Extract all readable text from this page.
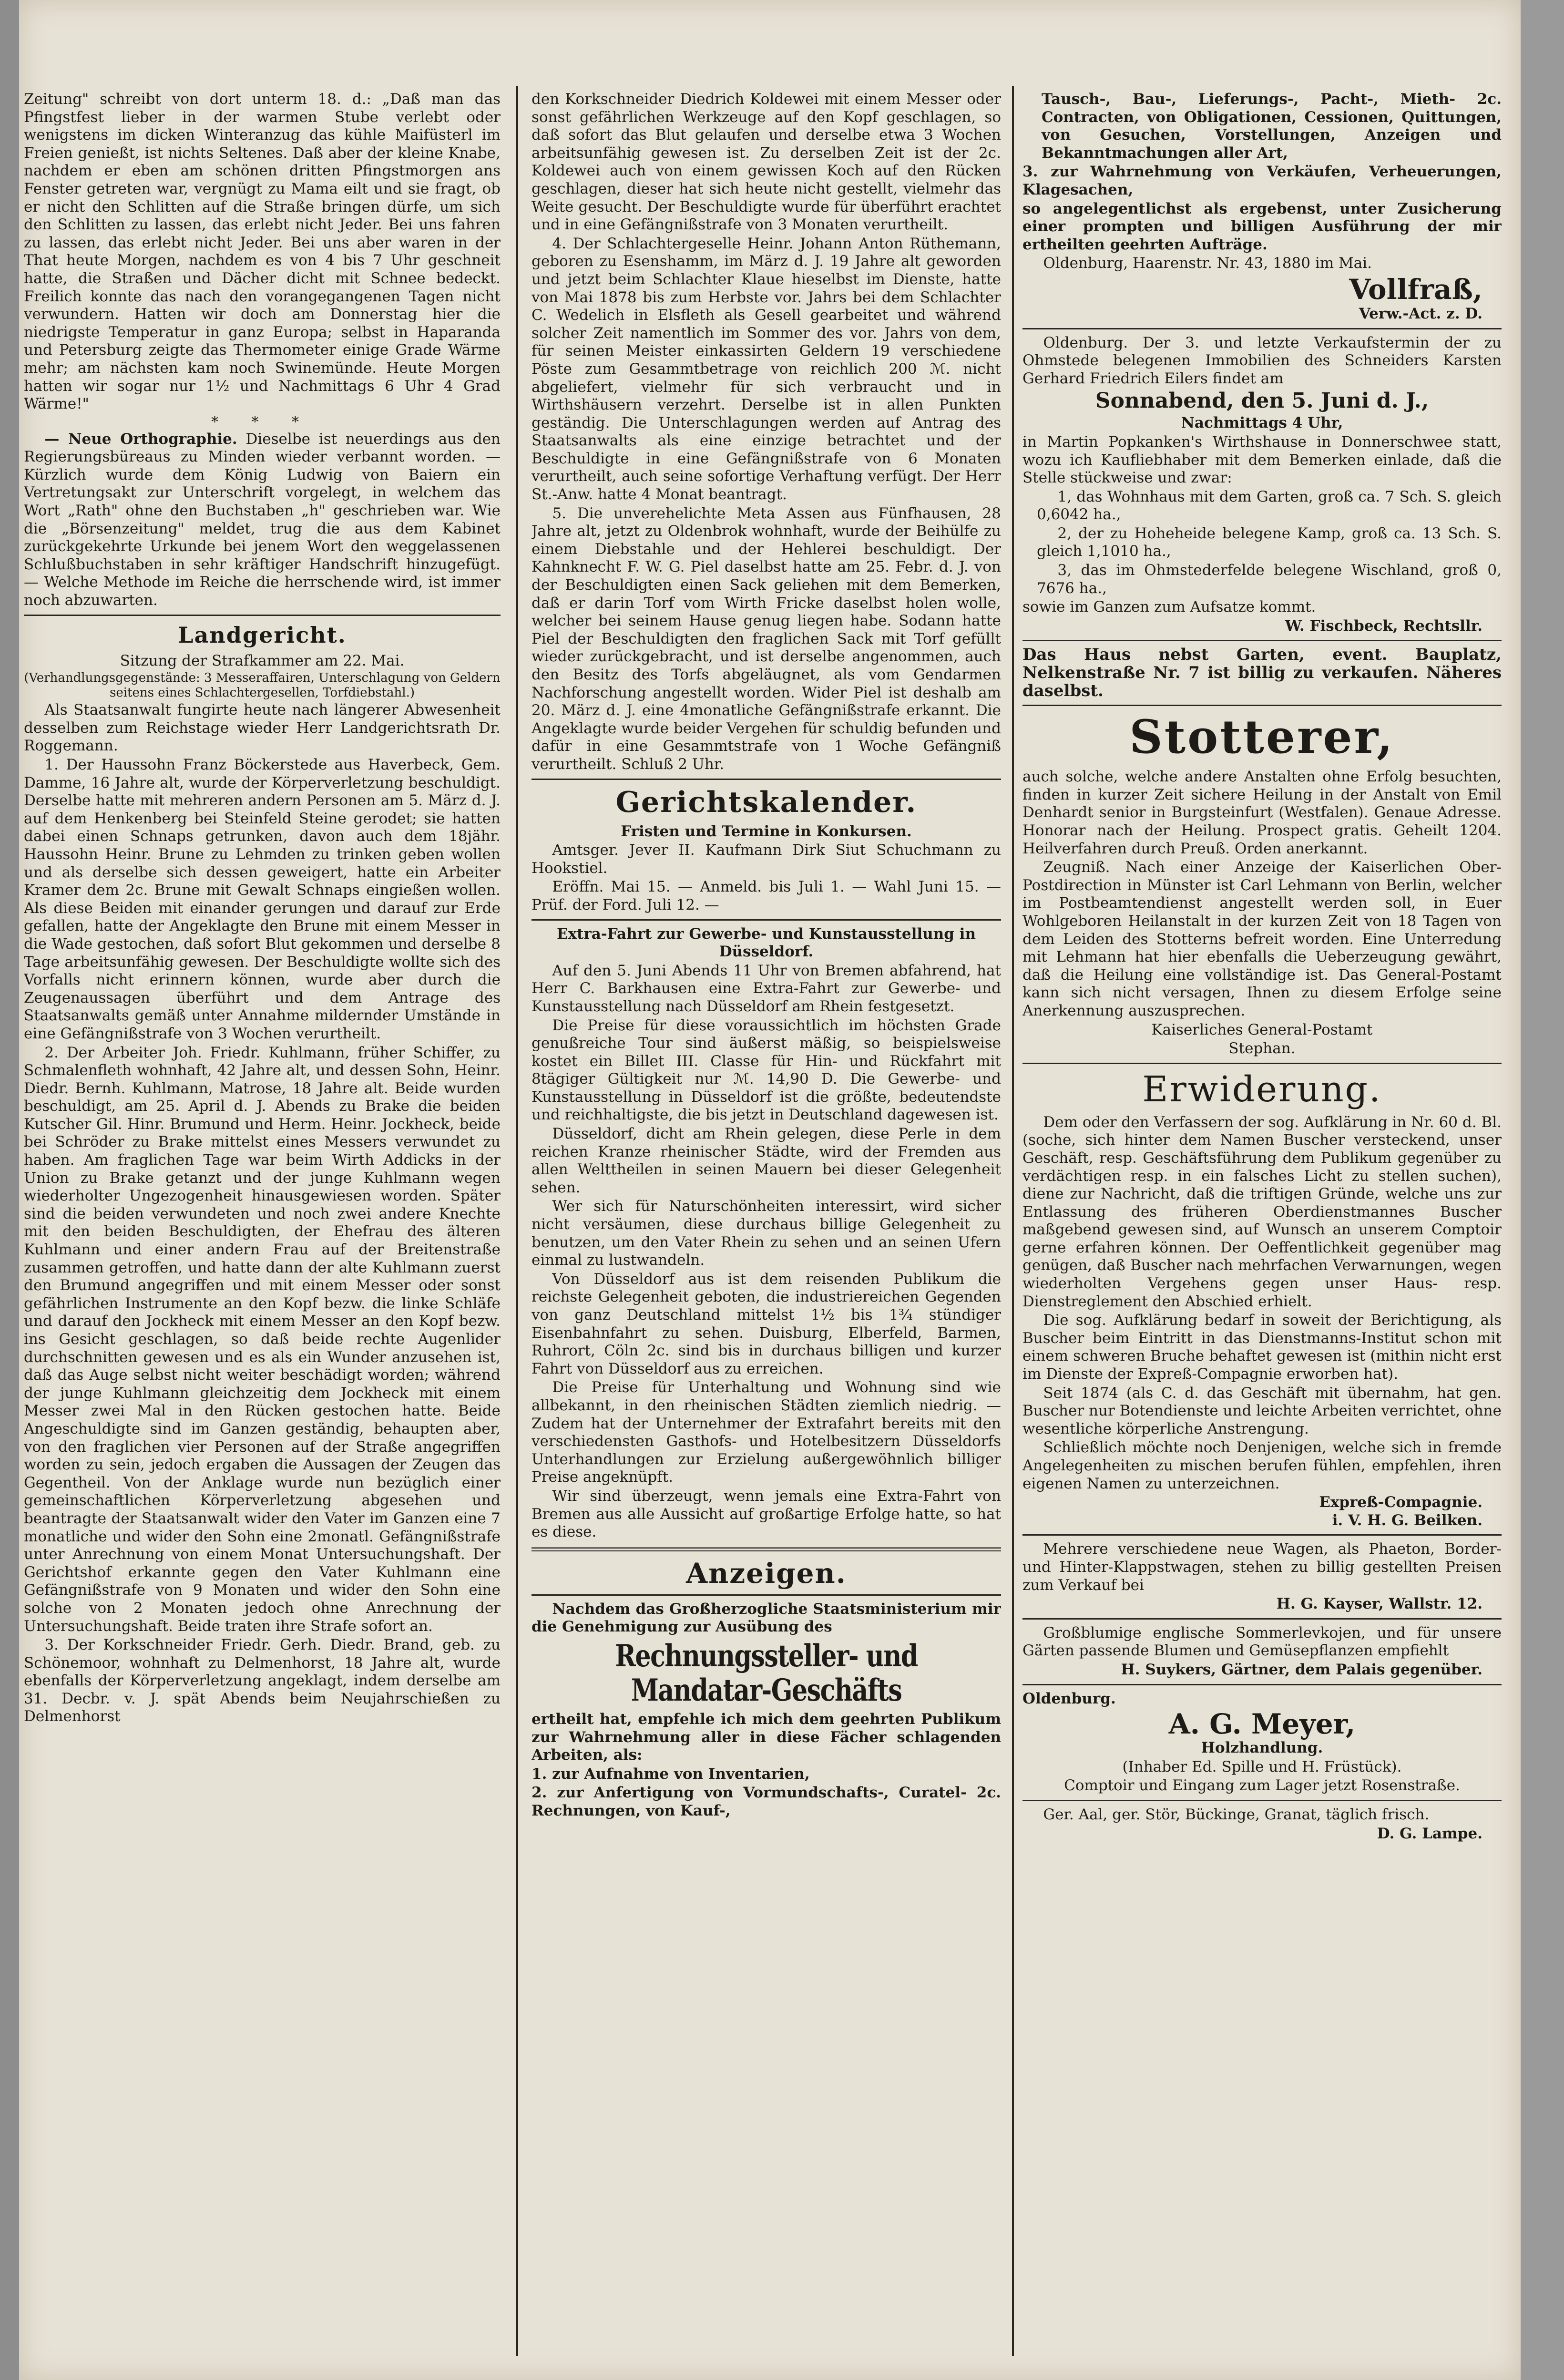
Zeitung" schreibt von dort unterm 18. d.: „Daß man das Pfingstfest lieber in der warmen Stube verlebt oder wenigstens im dicken Winteranzug das kühle Maifüsterl im Freien genießt, ist nichts Seltenes. Daß aber der kleine Knabe, nachdem er eben am schönen dritten Pfingstmorgen ans Fenster getreten war, vergnügt zu Mama eilt und sie fragt, ob er nicht den Schlitten auf die Straße bringen dürfe, um sich den Schlitten zu lassen, das erlebt nicht Jeder. Bei uns fahren zu lassen, das erlebt nicht Jeder. Bei uns aber waren in der That heute Morgen, nachdem es von 4 bis 7 Uhr geschneit hatte, die Straßen und Dächer dicht mit Schnee bedeckt. Freilich konnte das nach den vorangegangenen Tagen nicht verwundern. Hatten wir doch am Donnerstag hier die niedrigste Temperatur in ganz Europa; selbst in Haparanda und Petersburg zeigte das Thermometer einige Grade Wärme mehr; am nächsten kam noch Swinemünde. Heute Morgen hatten wir sogar nur 1½ und Nachmittags 6 Uhr 4 Grad Wärme!"

* * *

— Neue Orthographie. Dieselbe ist neuerdings aus den Regierungsbüreaus zu Minden wieder verbannt worden. — Kürzlich wurde dem König Ludwig von Baiern ein Vertretungsakt zur Unterschrift vorgelegt, in welchem das Wort „Rath" ohne den Buchstaben „h" geschrieben war. Wie die „Börsenzeitung" meldet, trug die aus dem Kabinet zurückgekehrte Urkunde bei jenem Wort den weggelassenen Schlußbuchstaben in sehr kräftiger Handschrift hinzugefügt. — Welche Methode im Reiche die herrschende wird, ist immer noch abzuwarten.

Landgericht.

Sitzung der Strafkammer am 22. Mai.

(Verhandlungsgegenstände: 3 Messeraffairen, Unterschlagung von Geldern seitens eines Schlachtergesellen, Torfdiebstahl.)

Als Staatsanwalt fungirte heute nach längerer Abwesenheit desselben zum Reichstage wieder Herr Landgerichtsrath Dr. Roggemann.

1. Der Haussohn Franz Böckerstede aus Haverbeck, Gem. Damme, 16 Jahre alt, wurde der Körperverletzung beschuldigt. Derselbe hatte mit mehreren andern Personen am 5. März d. J. auf dem Henkenberg bei Steinfeld Steine gerodet; sie hatten dabei einen Schnaps getrunken, davon auch dem 18jähr. Haussohn Heinr. Brune zu Lehmden zu trinken geben wollen und als derselbe sich dessen geweigert, hatte ein Arbeiter Kramer dem 2c. Brune mit Gewalt Schnaps eingießen wollen. Als diese Beiden mit einander gerungen und darauf zur Erde gefallen, hatte der Angeklagte den Brune mit einem Messer in die Wade gestochen, daß sofort Blut gekommen und derselbe 8 Tage arbeitsunfähig gewesen. Der Beschuldigte wollte sich des Vorfalls nicht erinnern können, wurde aber durch die Zeugenaussagen überführt und dem Antrage des Staatsanwalts gemäß unter Annahme mildernder Umstände in eine Gefängnißstrafe von 3 Wochen verurtheilt.

2. Der Arbeiter Joh. Friedr. Kuhlmann, früher Schiffer, zu Schmalenfleth wohnhaft, 42 Jahre alt, und dessen Sohn, Heinr. Diedr. Bernh. Kuhlmann, Matrose, 18 Jahre alt. Beide wurden beschuldigt, am 25. April d. J. Abends zu Brake die beiden Kutscher Gil. Hinr. Brumund und Herm. Heinr. Jockheck, beide bei Schröder zu Brake mittelst eines Messers verwundet zu haben. Am fraglichen Tage war beim Wirth Addicks in der Union zu Brake getanzt und der junge Kuhlmann wegen wiederholter Ungezogenheit hinausgewiesen worden. Später sind die beiden verwundeten und noch zwei andere Knechte mit den beiden Beschuldigten, der Ehefrau des älteren Kuhlmann und einer andern Frau auf der Breitenstraße zusammen getroffen, und hatte dann der alte Kuhlmann zuerst den Brumund angegriffen und mit einem Messer oder sonst gefährlichen Instrumente an den Kopf bezw. die linke Schläfe und darauf den Jockheck mit einem Messer an den Kopf bezw. ins Gesicht geschlagen, so daß beide rechte Augenlider durchschnitten gewesen und es als ein Wunder anzusehen ist, daß das Auge selbst nicht weiter beschädigt worden; während der junge Kuhlmann gleichzeitig dem Jockheck mit einem Messer zwei Mal in den Rücken gestochen hatte. Beide Angeschuldigte sind im Ganzen geständig, behaupten aber, von den fraglichen vier Personen auf der Straße angegriffen worden zu sein, jedoch ergaben die Aussagen der Zeugen das Gegentheil. Von der Anklage wurde nun bezüglich einer gemeinschaftlichen Körperverletzung abgesehen und beantragte der Staatsanwalt wider den Vater im Ganzen eine 7 monatliche und wider den Sohn eine 2monatl. Gefängnißstrafe unter Anrechnung von einem Monat Untersuchungshaft. Der Gerichtshof erkannte gegen den Vater Kuhlmann eine Gefängnißstrafe von 9 Monaten und wider den Sohn eine solche von 2 Monaten jedoch ohne Anrechnung der Untersuchungshaft. Beide traten ihre Strafe sofort an.

3. Der Korkschneider Friedr. Gerh. Diedr. Brand, geb. zu Schönemoor, wohnhaft zu Delmenhorst, 18 Jahre alt, wurde ebenfalls der Körperverletzung angeklagt, indem derselbe am 31. Decbr. v. J. spät Abends beim Neujahrschießen zu Delmenhorst

den Korkschneider Diedrich Koldewei mit einem Messer oder sonst gefährlichen Werkzeuge auf den Kopf geschlagen, so daß sofort das Blut gelaufen und derselbe etwa 3 Wochen arbeitsunfähig gewesen ist. Zu derselben Zeit ist der 2c. Koldewei auch von einem gewissen Koch auf den Rücken geschlagen, dieser hat sich heute nicht gestellt, vielmehr das Weite gesucht. Der Beschuldigte wurde für überführt erachtet und in eine Gefängnißstrafe von 3 Monaten verurtheilt.

4. Der Schlachtergeselle Heinr. Johann Anton Rüthemann, geboren zu Esenshamm, im März d. J. 19 Jahre alt geworden und jetzt beim Schlachter Klaue hieselbst im Dienste, hatte von Mai 1878 bis zum Herbste vor. Jahrs bei dem Schlachter C. Wedelich in Elsfleth als Gesell gearbeitet und während solcher Zeit namentlich im Sommer des vor. Jahrs von dem, für seinen Meister einkassirten Geldern 19 verschiedene Pöste zum Gesammtbetrage von reichlich 200 ℳ. nicht abgeliefert, vielmehr für sich verbraucht und in Wirthshäusern verzehrt. Derselbe ist in allen Punkten geständig. Die Unterschlagungen werden auf Antrag des Staatsanwalts als eine einzige betrachtet und der Beschuldigte in eine Gefängnißstrafe von 6 Monaten verurtheilt, auch seine sofortige Verhaftung verfügt. Der Herr St.-Anw. hatte 4 Monat beantragt.

5. Die unverehelichte Meta Assen aus Fünfhausen, 28 Jahre alt, jetzt zu Oldenbrok wohnhaft, wurde der Beihülfe zu einem Diebstahle und der Hehlerei beschuldigt. Der Kahnknecht F. W. G. Piel daselbst hatte am 25. Febr. d. J. von der Beschuldigten einen Sack geliehen mit dem Bemerken, daß er darin Torf vom Wirth Fricke daselbst holen wolle, welcher bei seinem Hause genug liegen habe. Sodann hatte Piel der Beschuldigten den fraglichen Sack mit Torf gefüllt wieder zurückgebracht, und ist derselbe angenommen, auch den Besitz des Torfs abgeläugnet, als vom Gendarmen Nachforschung angestellt worden. Wider Piel ist deshalb am 20. März d. J. eine 4monatliche Gefängnißstrafe erkannt. Die Angeklagte wurde beider Vergehen für schuldig befunden und dafür in eine Gesammtstrafe von 1 Woche Gefängniß verurtheilt. Schluß 2 Uhr.

Gerichtskalender.

Fristen und Termine in Konkursen.

Amtsger. Jever II. Kaufmann Dirk Siut Schuchmann zu Hookstiel.

Eröffn. Mai 15. — Anmeld. bis Juli 1. — Wahl Juni 15. — Prüf. der Ford. Juli 12. —

Extra-Fahrt zur Gewerbe- und Kunstausstellung in Düsseldorf.

Auf den 5. Juni Abends 11 Uhr von Bremen abfahrend, hat Herr C. Barkhausen eine Extra-Fahrt zur Gewerbe- und Kunstausstellung nach Düsseldorf am Rhein festgesetzt.

Die Preise für diese voraussichtlich im höchsten Grade genußreiche Tour sind äußerst mäßig, so beispielsweise kostet ein Billet III. Classe für Hin- und Rückfahrt mit 8tägiger Gültigkeit nur ℳ. 14,90 D. Die Gewerbe- und Kunstausstellung in Düsseldorf ist die größte, bedeutendste und reichhaltigste, die bis jetzt in Deutschland dagewesen ist.

Düsseldorf, dicht am Rhein gelegen, diese Perle in dem reichen Kranze rheinischer Städte, wird der Fremden aus allen Welttheilen in seinen Mauern bei dieser Gelegenheit sehen.

Wer sich für Naturschönheiten interessirt, wird sicher nicht versäumen, diese durchaus billige Gelegenheit zu benutzen, um den Vater Rhein zu sehen und an seinen Ufern einmal zu lustwandeln.

Von Düsseldorf aus ist dem reisenden Publikum die reichste Gelegenheit geboten, die industriereichen Gegenden von ganz Deutschland mittelst 1½ bis 1¾ stündiger Eisenbahnfahrt zu sehen. Duisburg, Elberfeld, Barmen, Ruhrort, Cöln 2c. sind bis in durchaus billigen und kurzer Fahrt von Düsseldorf aus zu erreichen.

Die Preise für Unterhaltung und Wohnung sind wie allbekannt, in den rheinischen Städten ziemlich niedrig. — Zudem hat der Unternehmer der Extrafahrt bereits mit den verschiedensten Gasthofs- und Hotelbesitzern Düsseldorfs Unterhandlungen zur Erzielung außergewöhnlich billiger Preise angeknüpft.

Wir sind überzeugt, wenn jemals eine Extra-Fahrt von Bremen aus alle Aussicht auf großartige Erfolge hatte, so hat es diese.

Anzeigen.

Nachdem das Großherzogliche Staatsministerium mir die Genehmigung zur Ausübung des

Rechnungssteller- und Mandatar-Geschäfts

ertheilt hat, empfehle ich mich dem geehrten Publikum zur Wahrnehmung aller in diese Fächer schlagenden Arbeiten, als:

1. zur Aufnahme von Inventarien,

2. zur Anfertigung von Vormundschafts-, Curatel- 2c. Rechnungen, von Kauf-,

Tausch-, Bau-, Lieferungs-, Pacht-, Mieth- 2c. Contracten, von Obligationen, Cessionen, Quittungen, von Gesuchen, Vorstellungen, Anzeigen und Bekanntmachungen aller Art,

3. zur Wahrnehmung von Verkäufen, Verheuerungen, Klagesachen,

so angelegentlichst als ergebenst, unter Zusicherung einer prompten und billigen Ausführung der mir ertheilten geehrten Aufträge.

Oldenburg, Haarenstr. Nr. 43, 1880 im Mai.

Vollfraß,
Verw.-Act. z. D.

Oldenburg. Der 3. und letzte Verkaufstermin der zu Ohmstede belegenen Immobilien des Schneiders Karsten Gerhard Friedrich Eilers findet am

Sonnabend, den 5. Juni d. J.,

Nachmittags 4 Uhr,

in Martin Popkanken's Wirthshause in Donnerschwee statt, wozu ich Kaufliebhaber mit dem Bemerken einlade, daß die Stelle stückweise und zwar:

1, das Wohnhaus mit dem Garten, groß ca. 7 Sch. S. gleich 0,6042 ha.,

2, der zu Hoheheide belegene Kamp, groß ca. 13 Sch. S. gleich 1,1010 ha.,

3, das im Ohmstederfelde belegene Wischland, groß 0, 7676 ha.,

sowie im Ganzen zum Aufsatze kommt.

W. Fischbeck, Rechtsllr.

Das Haus nebst Garten, event. Bauplatz, Nelkenstraße Nr. 7 ist billig zu verkaufen. Näheres daselbst.

Stotterer,

auch solche, welche andere Anstalten ohne Erfolg besuchten, finden in kurzer Zeit sichere Heilung in der Anstalt von Emil Denhardt senior in Burgsteinfurt (Westfalen). Genaue Adresse. Honorar nach der Heilung. Prospect gratis. Geheilt 1204. Heilverfahren durch Preuß. Orden anerkannt.

Zeugniß. Nach einer Anzeige der Kaiserlichen Ober-Postdirection in Münster ist Carl Lehmann von Berlin, welcher im Postbeamtendienst angestellt werden soll, in Euer Wohlgeboren Heilanstalt in der kurzen Zeit von 18 Tagen von dem Leiden des Stotterns befreit worden. Eine Unterredung mit Lehmann hat hier ebenfalls die Ueberzeugung gewährt, daß die Heilung eine vollständige ist. Das General-Postamt kann sich nicht versagen, Ihnen zu diesem Erfolge seine Anerkennung auszusprechen.

Kaiserliches General-Postamt

Stephan.

Erwiderung.

Dem oder den Verfassern der sog. Aufklärung in Nr. 60 d. Bl. (soche, sich hinter dem Namen Buscher versteckend, unser Geschäft, resp. Geschäftsführung dem Publikum gegenüber zu verdächtigen resp. in ein falsches Licht zu stellen suchen), diene zur Nachricht, daß die triftigen Gründe, welche uns zur Entlassung des früheren Oberdienstmannes Buscher maßgebend gewesen sind, auf Wunsch an unserem Comptoir gerne erfahren können. Der Oeffentlichkeit gegenüber mag genügen, daß Buscher nach mehrfachen Verwarnungen, wegen wiederholten Vergehens gegen unser Haus- resp. Dienstreglement den Abschied erhielt.

Die sog. Aufklärung bedarf in soweit der Berichtigung, als Buscher beim Eintritt in das Dienstmanns-Institut schon mit einem schweren Bruche behaftet gewesen ist (mithin nicht erst im Dienste der Expreß-Compagnie erworben hat).

Seit 1874 (als C. d. das Geschäft mit übernahm, hat gen. Buscher nur Botendienste und leichte Arbeiten verrichtet, ohne wesentliche körperliche Anstrengung.

Schließlich möchte noch Denjenigen, welche sich in fremde Angelegenheiten zu mischen berufen fühlen, empfehlen, ihren eigenen Namen zu unterzeichnen.

Expreß-Compagnie.
i. V. H. G. Beilken.

Mehrere verschiedene neue Wagen, als Phaeton, Border- und Hinter-Klappstwagen, stehen zu billig gestellten Preisen zum Verkauf bei

H. G. Kayser, Wallstr. 12.

Großblumige englische Sommerlevkojen, und für unsere Gärten passende Blumen und Gemüsepflanzen empfiehlt

H. Suykers, Gärtner, dem Palais gegenüber.

Oldenburg.

A. G. Meyer,

Holzhandlung.

(Inhaber Ed. Spille und H. Früstück).

Comptoir und Eingang zum Lager jetzt Rosenstraße.

Ger. Aal, ger. Stör, Bückinge, Granat, täglich frisch.

D. G. Lampe.
